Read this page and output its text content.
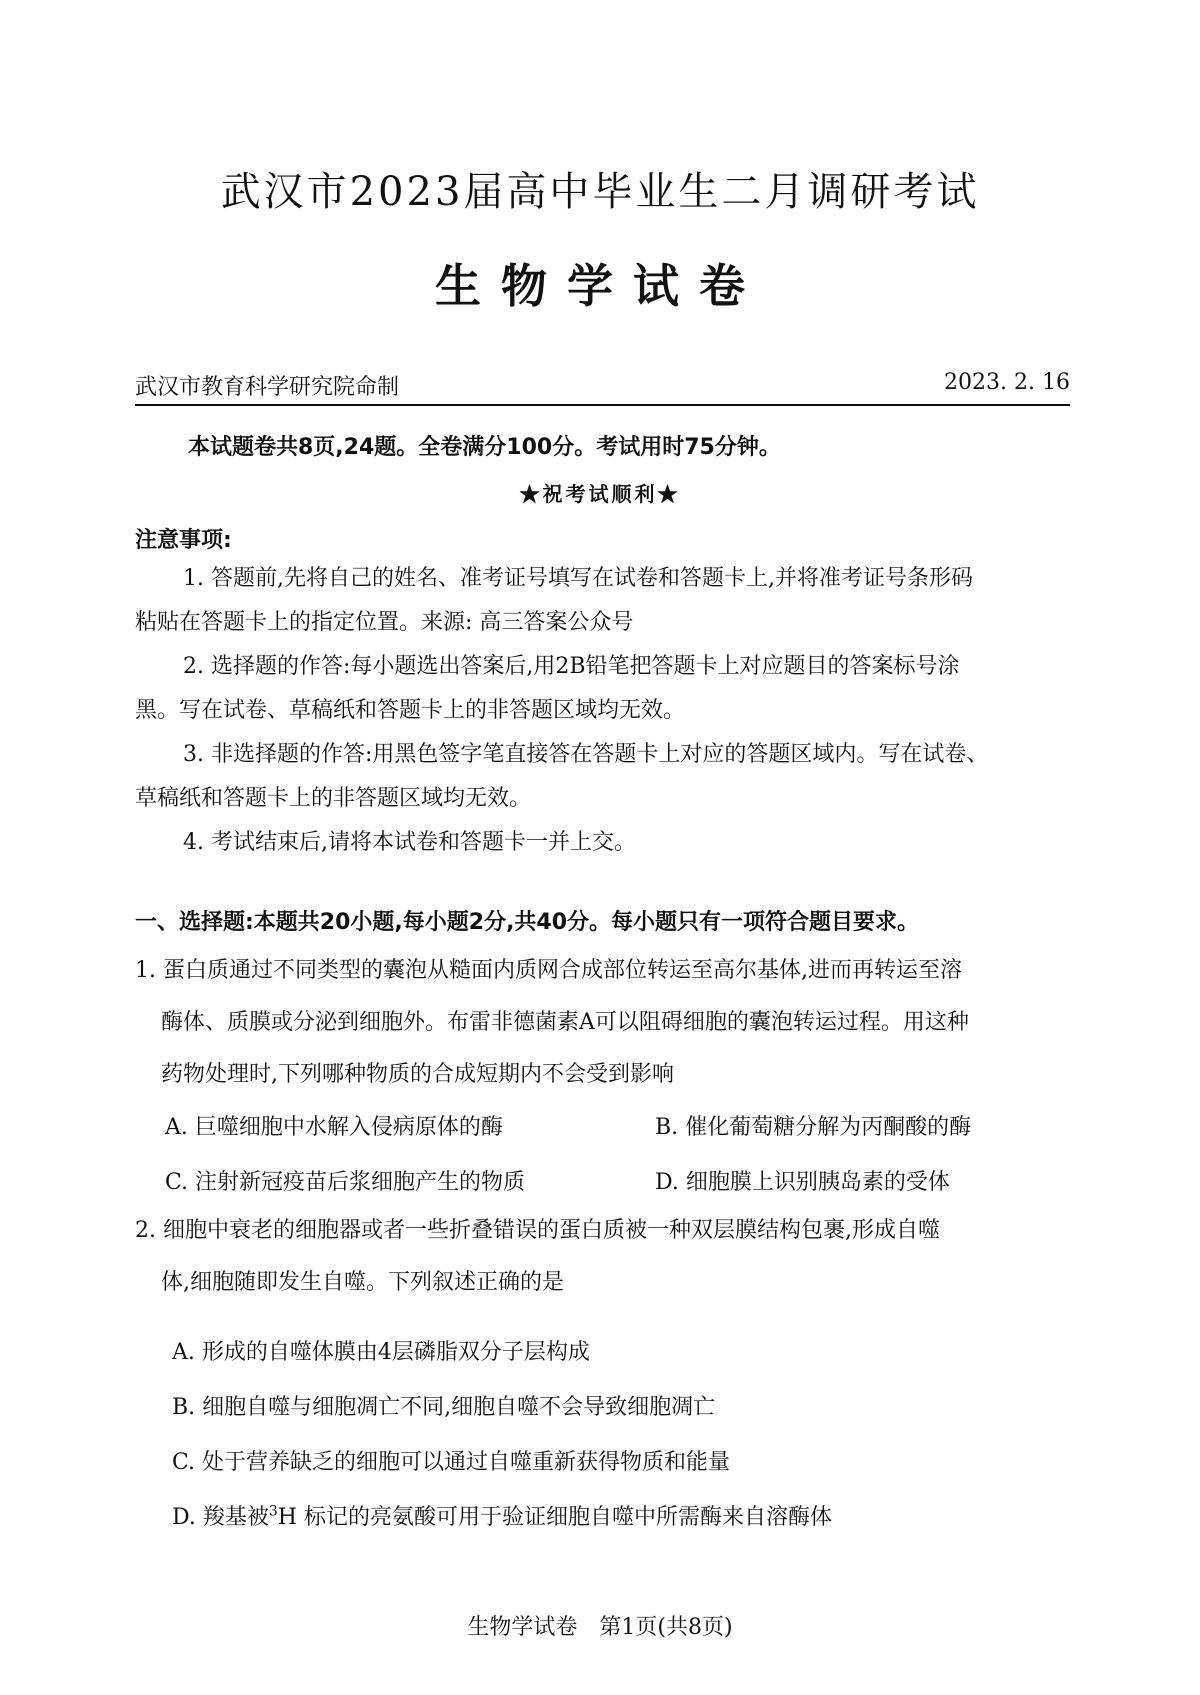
武汉市2023届高中毕业生二月调研考试
生物学试卷
武汉市教育科学研究院命制	2023. 2. 16
本试题卷共8页,24题。全卷满分100分。考试用时75分钟。
★祝考试顺利★
注意事项:
1. 答题前,先将自己的姓名、准考证号填写在试卷和答题卡上,并将准考证号条形码
粘贴在答题卡上的指定位置。来源: 高三答案公众号
2. 选择题的作答:每小题选出答案后,用2B铅笔把答题卡上对应题目的答案标号涂
黑。写在试卷、草稿纸和答题卡上的非答题区域均无效。
3. 非选择题的作答:用黑色签字笔直接答在答题卡上对应的答题区域内。写在试卷、
草稿纸和答题卡上的非答题区域均无效。
4. 考试结束后,请将本试卷和答题卡一并上交。
一、选择题:本题共20小题,每小题2分,共40分。每小题只有一项符合题目要求。
1. 蛋白质通过不同类型的囊泡从糙面内质网合成部位转运至高尔基体,进而再转运至溶
酶体、质膜或分泌到细胞外。布雷非德菌素A可以阻碍细胞的囊泡转运过程。用这种
药物处理时,下列哪种物质的合成短期内不会受到影响
A. 巨噬细胞中水解入侵病原体的酶	B. 催化葡萄糖分解为丙酮酸的酶
C. 注射新冠疫苗后浆细胞产生的物质	D. 细胞膜上识别胰岛素的受体
2. 细胞中衰老的细胞器或者一些折叠错误的蛋白质被一种双层膜结构包裹,形成自噬
体,细胞随即发生自噬。下列叙述正确的是
A. 形成的自噬体膜由4层磷脂双分子层构成
B. 细胞自噬与细胞凋亡不同,细胞自噬不会导致细胞凋亡
C. 处于营养缺乏的细胞可以通过自噬重新获得物质和能量
D. 羧基被$^3$H 标记的亮氨酸可用于验证细胞自噬中所需酶来自溶酶体
生物学试卷　第1页(共8页)
